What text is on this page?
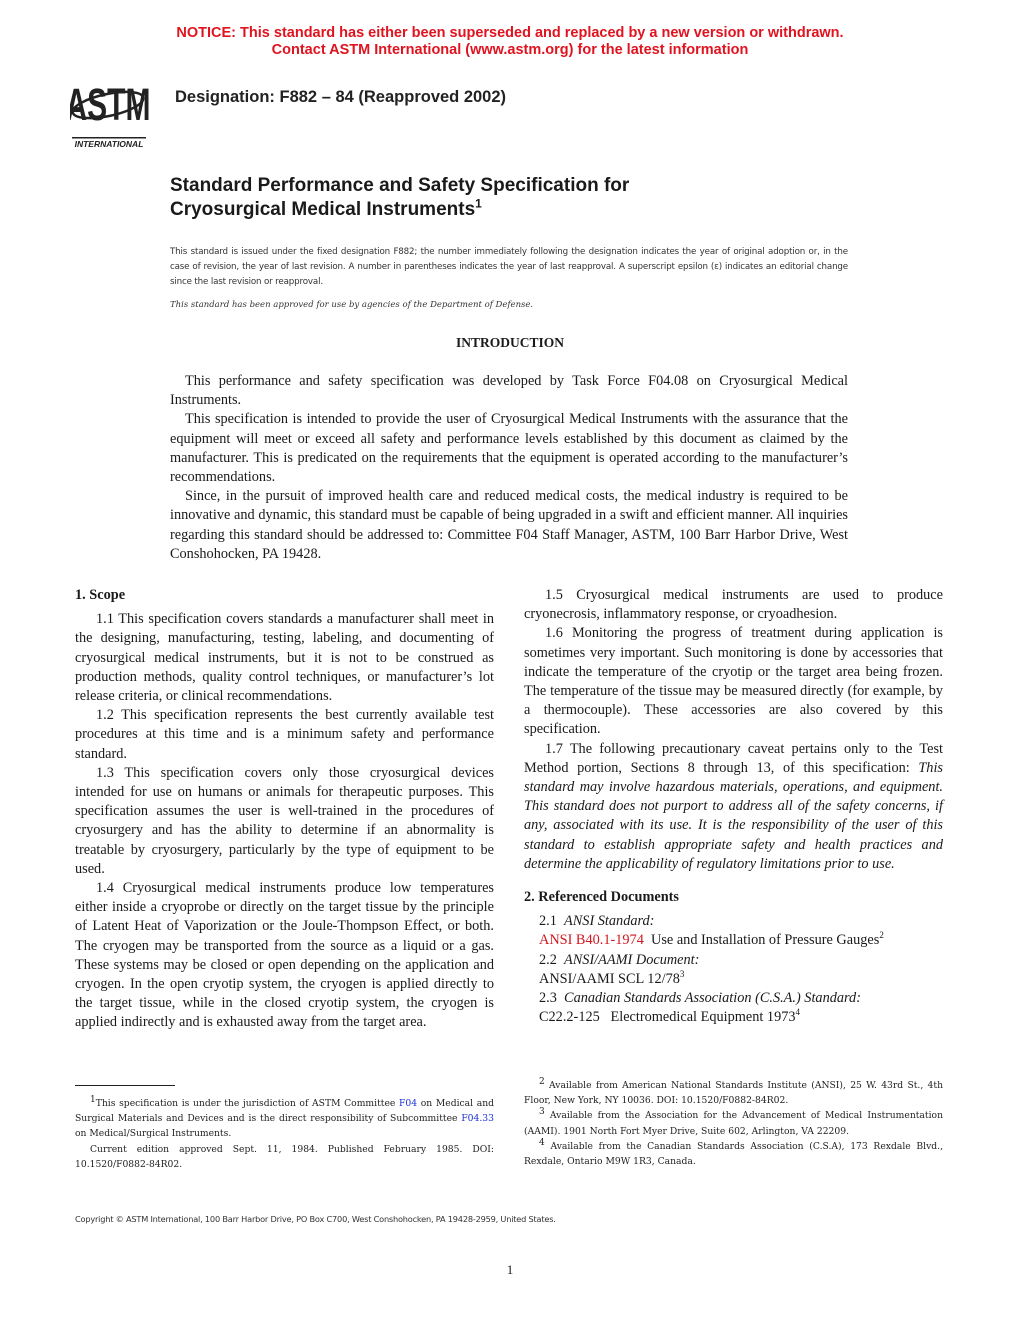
NOTICE: This standard has either been superseded and replaced by a new version or withdrawn.
Contact ASTM International (www.astm.org) for the latest information
ASTM
INTERNATIONAL
Designation: F882 – 84 (Reapproved 2002)
Standard Performance and Safety Specification for
Cryosurgical Medical Instruments$^1$
This standard is issued under the fixed designation F882; the number immediately following the designation indicates the year of original adoption or, in the case of revision, the year of last revision. A number in parentheses indicates the year of last reapproval. A superscript epsilon (ε) indicates an editorial change since the last revision or reapproval.
This standard has been approved for use by agencies of the Department of Defense.
INTRODUCTION

This performance and safety specification was developed by Task Force F04.08 on Cryosurgical Medical Instruments.

This specification is intended to provide the user of Cryosurgical Medical Instruments with the assurance that the equipment will meet or exceed all safety and performance levels established by this document as claimed by the manufacturer. This is predicated on the requirements that the equipment is operated according to the manufacturer’s recommendations.

Since, in the pursuit of improved health care and reduced medical costs, the medical industry is required to be innovative and dynamic, this standard must be capable of being upgraded in a swift and efficient manner. All inquiries regarding this standard should be addressed to: Committee F04 Staff Manager, ASTM, 100 Barr Harbor Drive, West Conshohocken, PA 19428.

1. Scope

1.1 This specification covers standards a manufacturer shall meet in the designing, manufacturing, testing, labeling, and documenting of cryosurgical medical instruments, but it is not to be construed as production methods, quality control techniques, or manufacturer’s lot release criteria, or clinical recommendations.

1.2 This specification represents the best currently available test procedures at this time and is a minimum safety and performance standard.

1.3 This specification covers only those cryosurgical devices intended for use on humans or animals for therapeutic purposes. This specification assumes the user is well-trained in the procedures of cryosurgery and has the ability to determine if an abnormality is treatable by cryosurgery, particularly by the type of equipment to be used.

1.4 Cryosurgical medical instruments produce low temperatures either inside a cryoprobe or directly on the target tissue by the principle of Latent Heat of Vaporization or the Joule-Thompson Effect, or both. The cryogen may be transported from the source as a liquid or a gas. These systems may be closed or open depending on the application and cryogen. In the open cryotip system, the cryogen is applied directly to the target tissue, while in the closed cryotip system, the cryogen is applied indirectly and is exhausted away from the target area.

1.5 Cryosurgical medical instruments are used to produce cryonecrosis, inflammatory response, or cryoadhesion.

1.6 Monitoring the progress of treatment during application is sometimes very important. Such monitoring is done by accessories that indicate the temperature of the cryotip or the target area being frozen. The temperature of the tissue may be measured directly (for example, by a thermocouple). These accessories are also covered by this specification.

1.7 The following precautionary caveat pertains only to the Test Method portion, Sections 8 through 13, of this specification: This standard may involve hazardous materials, operations, and equipment. This standard does not purport to address all of the safety concerns, if any, associated with its use. It is the responsibility of the user of this standard to establish appropriate safety and health practices and determine the applicability of regulatory limitations prior to use.

2. Referenced Documents
2.1 ANSI Standard:
ANSI B40.1-1974 Use and Installation of Pressure Gauges$^2$
2.2 ANSI/AAMI Document:
ANSI/AAMI SCL $12/78^3$
2.3 Canadian Standards Association (C.S.A.) Standard:
C22.2-125 Electromedical Equipment 1973$^4$

$^1$This specification is under the jurisdiction of ASTM Committee F04 on Medical and Surgical Materials and Devices and is the direct responsibility of Subcommittee F04.33 on Medical/Surgical Instruments.

Current edition approved Sept. 11, 1984. Published February 1985. DOI: 10.1520/F0882-84R02.

$^2$ Available from American National Standards Institute (ANSI), 25 W. 43rd St., 4th Floor, New York, NY 10036. DOI: 10.1520/F0882-84R02.

$^3$ Available from the Association for the Advancement of Medical Instrumentation (AAMI). 1901 North Fort Myer Drive, Suite 602, Arlington, VA 22209.

$^4$ Available from the Canadian Standards Association (C.S.A), 173 Rexdale Blvd., Rexdale, Ontario M9W 1R3, Canada.

Copyright © ASTM International, 100 Barr Harbor Drive, PO Box C700, West Conshohocken, PA 19428-2959, United States.
1
